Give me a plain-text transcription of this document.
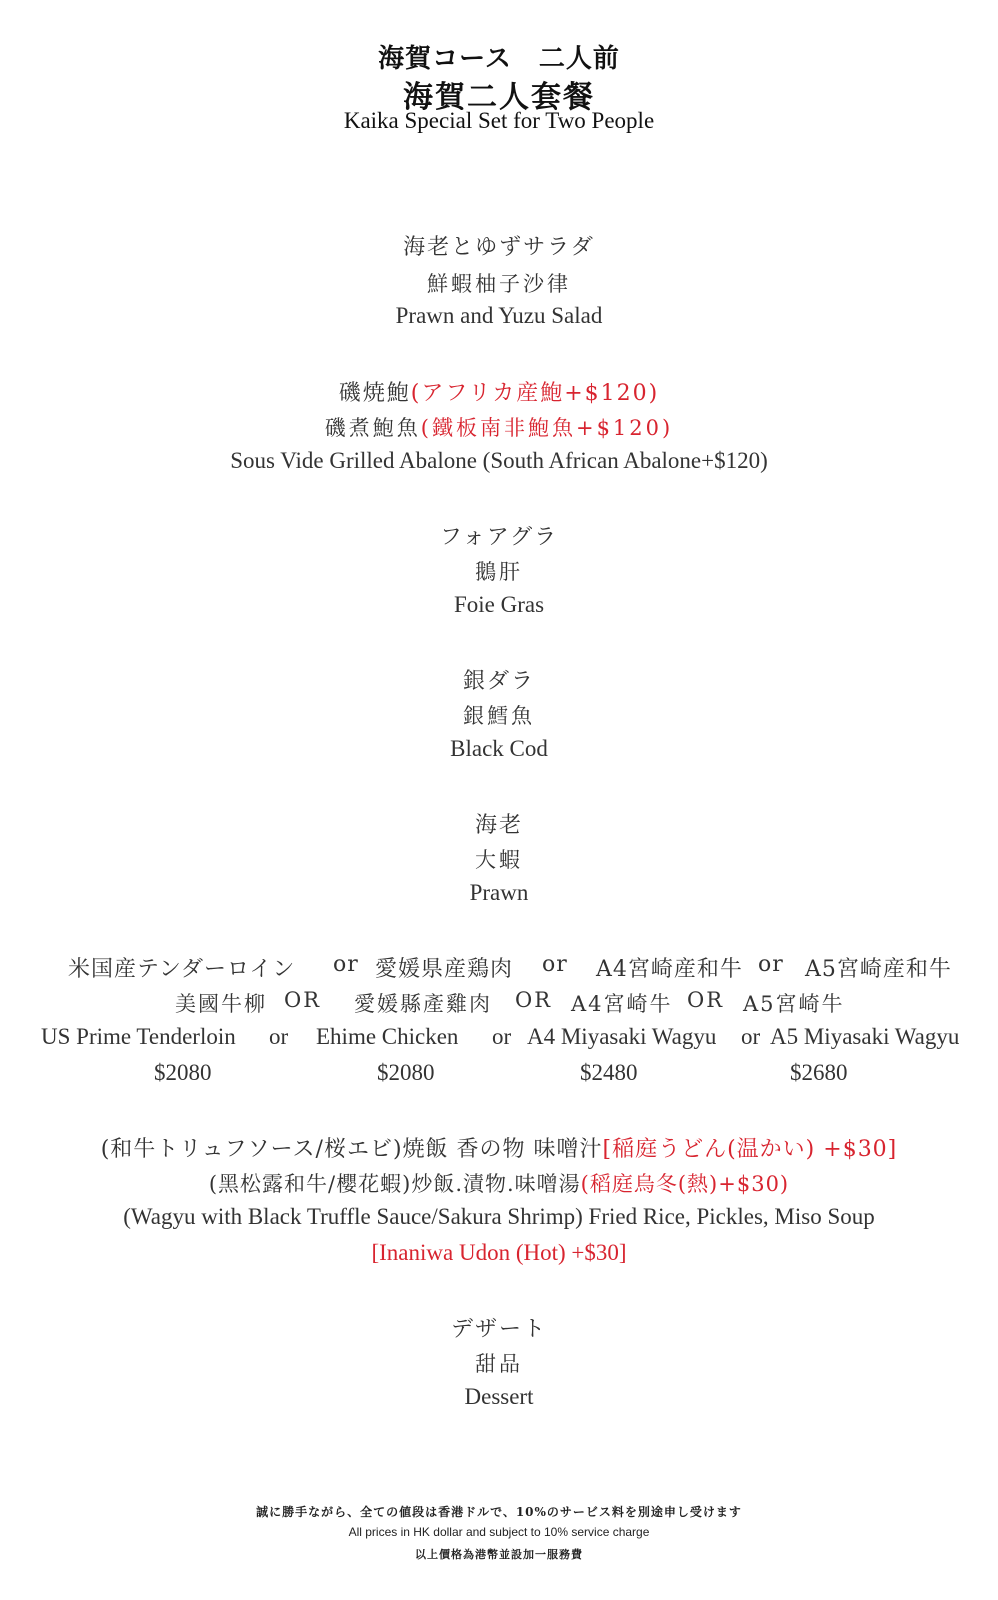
海賀コース　二人前
海賀二人套餐
Kaika Special Set for Two People
海老とゆずサラダ
鮮蝦柚子沙律
Prawn and Yuzu Salad
磯焼鮑(アフリカ産鮑+$120)
磯煮鮑魚(鐵板南非鮑魚+$120)
Sous Vide Grilled Abalone (South African Abalone+$120)
フォアグラ
鵝肝
Foie Gras
銀ダラ
銀鱈魚
Black Cod
海老
大蝦
Prawn
米国産テンダーロイン or 愛媛県産鶏肉 or A4宮崎産和牛 or A5宮崎産和牛
美國牛柳 OR 愛媛縣產雞肉 OR A4宮崎牛 OR A5宮崎牛
US Prime Tenderloin or Ehime Chicken or A4 Miyasaki Wagyu or A5 Miyasaki Wagyu
$2080	$2080	$2480	$2680
(和牛トリュフソース/桜エビ)焼飯 香の物 味噌汁[稲庭うどん(温かい) +$30]
(黑松露和牛/櫻花蝦)炒飯.漬物.味噌湯(稻庭烏冬(熱)+$30)
(Wagyu with Black Truffle Sauce/Sakura Shrimp) Fried Rice, Pickles, Miso Soup
[Inaniwa Udon (Hot) +$30]
デザート
甜品
Dessert
誠に勝手ながら、全ての値段は香港ドルで、10%のサービス料を別途申し受けます
All prices in HK dollar and subject to 10% service charge
以上價格為港幣並設加一服務費
